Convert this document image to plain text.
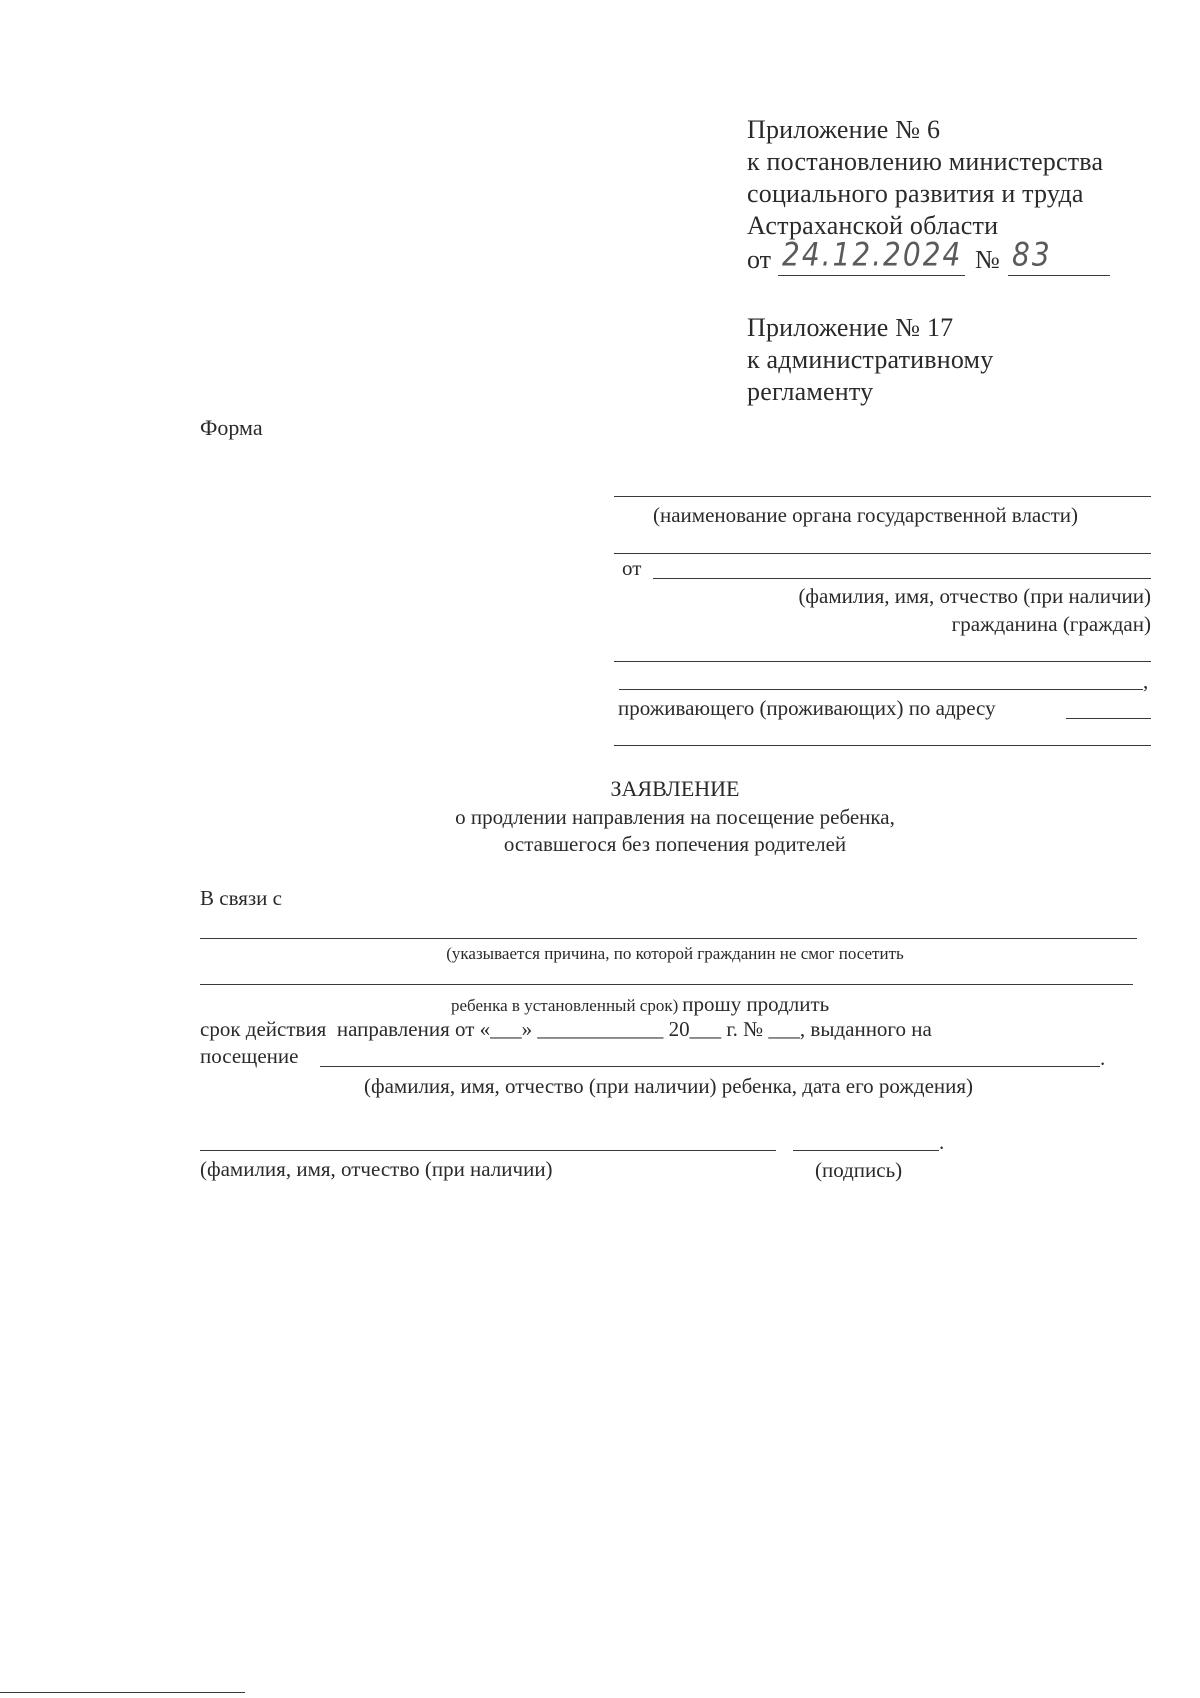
Приложение № 6
к постановлению министерства
социального развития и труда
Астраханской области
от 24.12.2024 № 83
Приложение № 17
к административному
регламенту
Форма
(наименование органа государственной власти)
от
(фамилия, имя, отчество (при наличии)
гражданина (граждан)
,
проживающего (проживающих) по адресу
ЗАЯВЛЕНИЕ
о продлении направления на посещение ребенка,
оставшегося без попечения родителей
В связи с
(указывается причина, по которой гражданин не смог посетить
ребенка в установленный срок) прошу продлить
срок действия  направления от «___» ____________ 20___ г. № ___, выданного на
посещение	.
(фамилия, имя, отчество (при наличии) ребенка, дата его рождения)
.
(фамилия, имя, отчество (при наличии)	(подпись)
